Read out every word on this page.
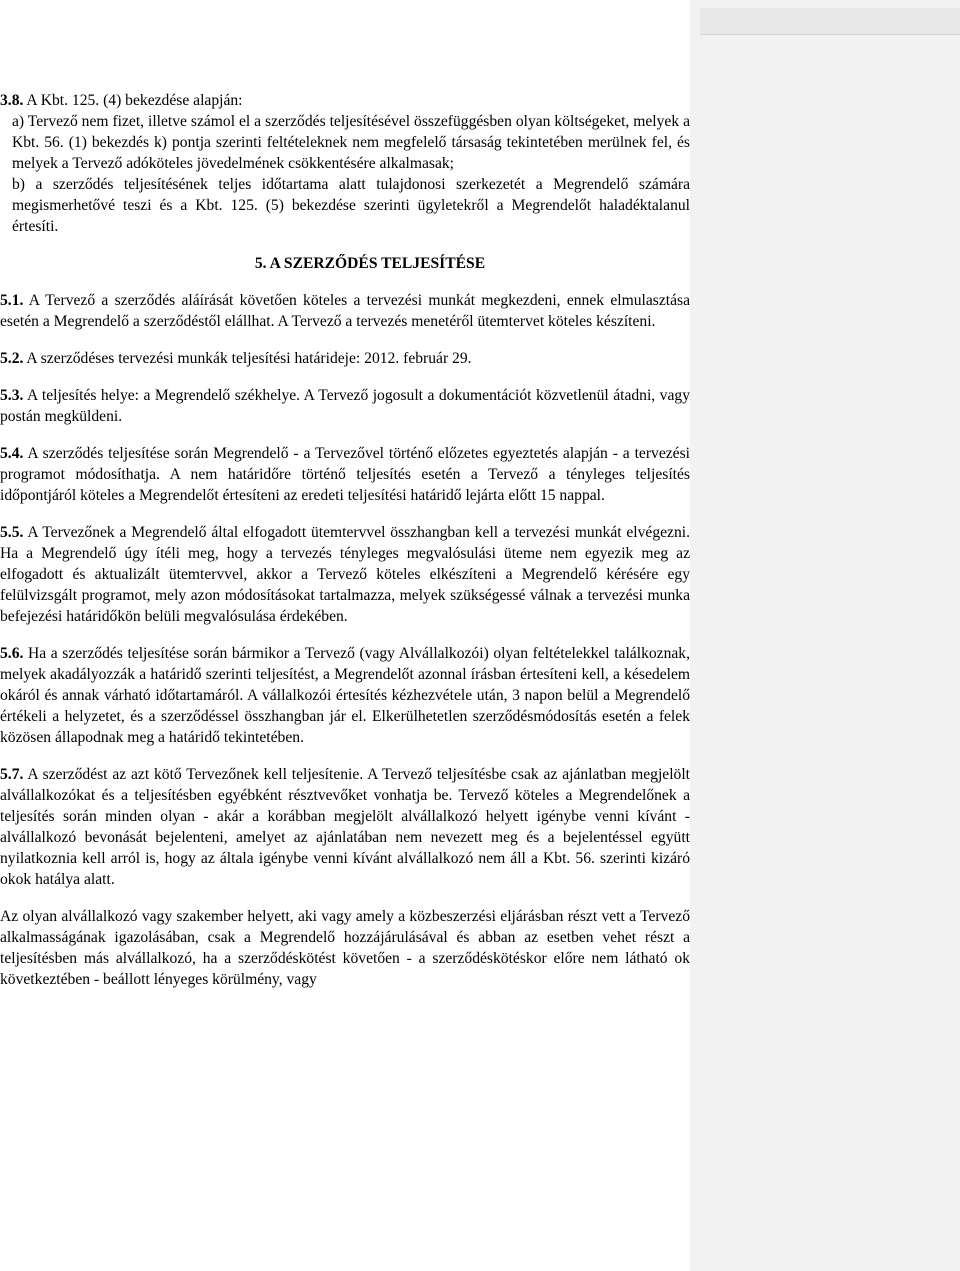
3.8. A Kbt. 125. (4) bekezdése alapján:

a) Tervező nem fizet, illetve számol el a szerződés teljesítésével összefüggésben olyan költségeket, melyek a Kbt. 56. (1) bekezdés k) pontja szerinti feltételeknek nem megfelelő társaság tekintetében merülnek fel, és melyek a Tervező adóköteles jövedelmének csökkentésére alkalmasak;

b) a szerződés teljesítésének teljes időtartama alatt tulajdonosi szerkezetét a Megrendelő számára megismerhetővé teszi és a Kbt. 125. (5) bekezdése szerinti ügyletekről a Megrendelőt haladéktalanul értesíti.

5. A SZERZŐDÉS TELJESÍTÉSE

5.1. A Tervező a szerződés aláírását követően köteles a tervezési munkát megkezdeni, ennek elmulasztása esetén a Megrendelő a szerződéstől elállhat. A Tervező a tervezés menetéről ütemtervet köteles készíteni.

5.2. A szerződéses tervezési munkák teljesítési határideje: 2012. február 29.

5.3. A teljesítés helye: a Megrendelő székhelye. A Tervező jogosult a dokumentációt közvetlenül átadni, vagy postán megküldeni.

5.4. A szerződés teljesítése során Megrendelő - a Tervezővel történő előzetes egyeztetés alapján - a tervezési programot módosíthatja. A nem határidőre történő teljesítés esetén a Tervező a tényleges teljesítés időpontjáról köteles a Megrendelőt értesíteni az eredeti teljesítési határidő lejárta előtt 15 nappal.

5.5. A Tervezőnek a Megrendelő által elfogadott ütemtervvel összhangban kell a tervezési munkát elvégezni. Ha a Megrendelő úgy ítéli meg, hogy a tervezés tényleges megvalósulási üteme nem egyezik meg az elfogadott és aktualizált ütemtervvel, akkor a Tervező köteles elkészíteni a Megrendelő kérésére egy felülvizsgált programot, mely azon módosításokat tartalmazza, melyek szükségessé válnak a tervezési munka befejezési határidőkön belüli megvalósulása érdekében.

5.6. Ha a szerződés teljesítése során bármikor a Tervező (vagy Alvállalkozói) olyan feltételekkel találkoznak, melyek akadályozzák a határidő szerinti teljesítést, a Megrendelőt azonnal írásban értesíteni kell, a késedelem okáról és annak várható időtartamáról. A vállalkozói értesítés kézhezvétele után, 3 napon belül a Megrendelő értékeli a helyzetet, és a szerződéssel összhangban jár el. Elkerülhetetlen szerződésmódosítás esetén a felek közösen állapodnak meg a határidő tekintetében.

5.7. A szerződést az azt kötő Tervezőnek kell teljesítenie. A Tervező teljesítésbe csak az ajánlatban megjelölt alvállalkozókat és a teljesítésben egyébként résztvevőket vonhatja be. Tervező köteles a Megrendelőnek a teljesítés során minden olyan - akár a korábban megjelölt alvállalkozó helyett igénybe venni kívánt - alvállalkozó bevonását bejelenteni, amelyet az ajánlatában nem nevezett meg és a bejelentéssel együtt nyilatkoznia kell arról is, hogy az általa igénybe venni kívánt alvállalkozó nem áll a Kbt. 56. szerinti kizáró okok hatálya alatt.

Az olyan alvállalkozó vagy szakember helyett, aki vagy amely a közbeszerzési eljárásban részt vett a Tervező alkalmasságának igazolásában, csak a Megrendelő hozzájárulásával és abban az esetben vehet részt a teljesítésben más alvállalkozó, ha a szerződéskötést követően - a szerződéskötéskor előre nem látható ok következtében - beállott lényeges körülmény, vagy
